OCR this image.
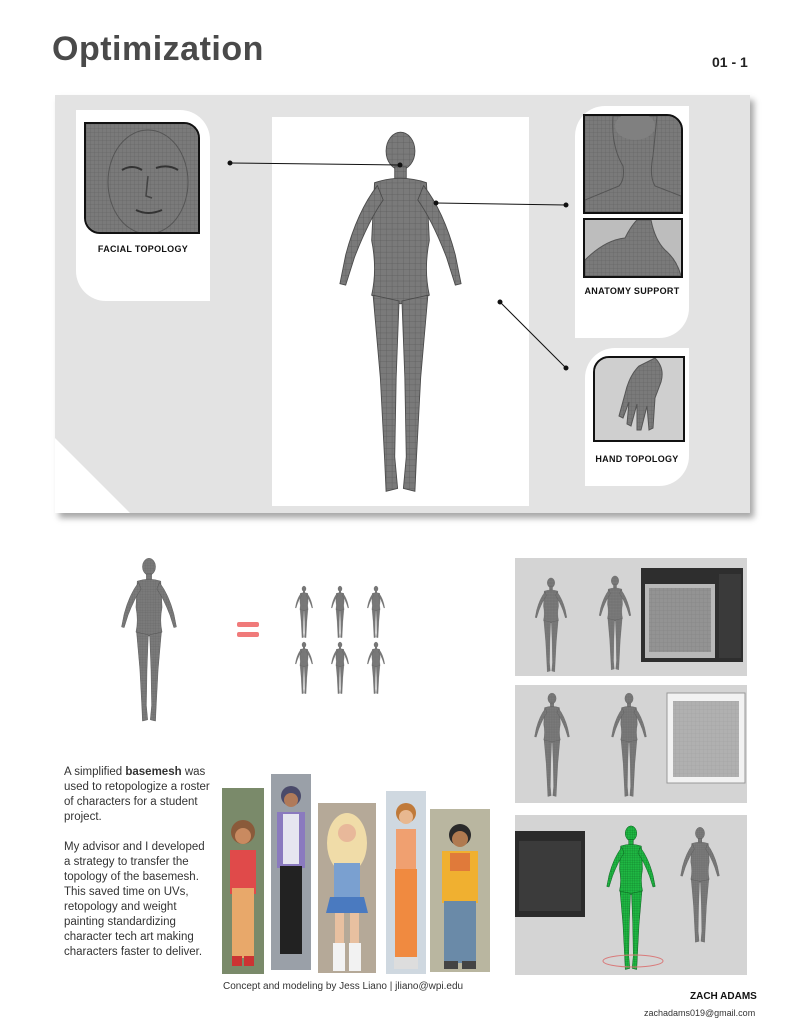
Optimization	01 - 1
FACIAL TOPOLOGY
ANATOMY SUPPORT
HAND TOPOLOGY

A simplified basemesh was used to retopologize a roster of characters for a student project.

My advisor and I developed a strategy to transfer the topology of the basemesh. This saved time on UVs, retopology and weight painting standardizing character tech art making characters faster to deliver.

Concept and modeling by Jess Liano | jliano@wpi.edu
ZACH ADAMS
zachadams019@gmail.com
